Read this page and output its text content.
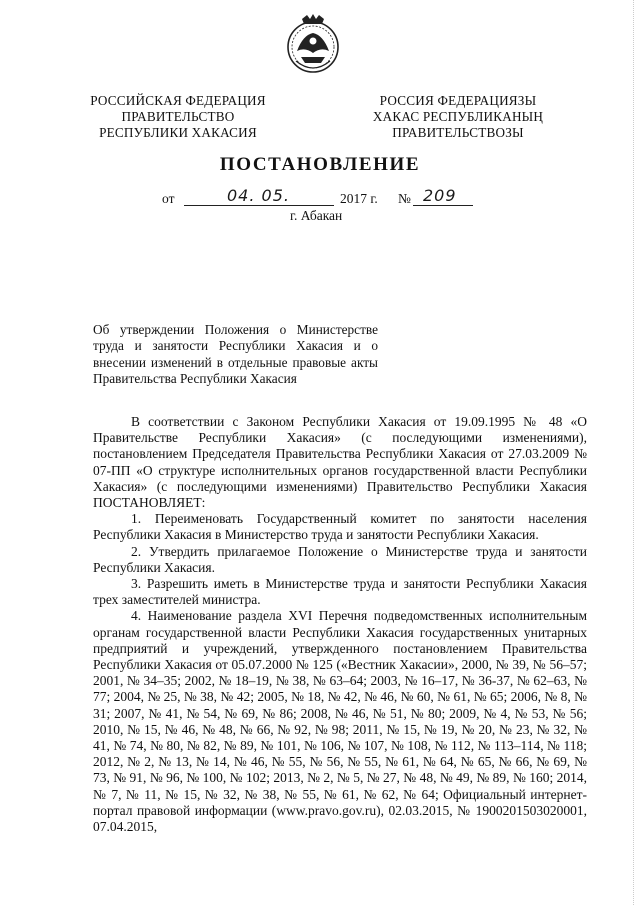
РОССИЙСКАЯ ФЕДЕРАЦИЯ
ПРАВИТЕЛЬСТВО
РЕСПУБЛИКИ ХАКАСИЯ
РОССИЯ ФЕДЕРАЦИЯЗЫ
ХАКАС РЕСПУБЛИКАНЫҢ
ПРАВИТЕЛЬСТВОЗЫ
ПОСТАНОВЛЕНИЕ
от	04. 05.	2017 г. № 209
г. Абакан
Об утверждении Положения о Министерстве труда и занятости Республики Хакасия и о внесении изменений в отдельные правовые акты Правительства Республики Хакасия

В соответствии с Законом Республики Хакасия от 19.09.1995 № 48 «О Правительстве Республики Хакасия» (с последующими изменениями), постановлением Председателя Правительства Республики Хакасия от 27.03.2009 № 07-ПП «О структуре исполнительных органов государственной власти Республики Хакасия» (с последующими изменениями) Правительство Республики Хакасия ПОСТАНОВЛЯЕТ:

1. Переименовать Государственный комитет по занятости населения Республики Хакасия в Министерство труда и занятости Республики Хакасия.

2. Утвердить прилагаемое Положение о Министерстве труда и занятости Республики Хакасия.

3. Разрешить иметь в Министерстве труда и занятости Республики Хакасия трех заместителей министра.

4. Наименование раздела XVI Перечня подведомственных исполнительным органам государственной власти Республики Хакасия государственных унитарных предприятий и учреждений, утвержденного постановлением Правительства Республики Хакасия от 05.07.2000 № 125 («Вестник Хакасии», 2000, № 39, № 56–57; 2001, № 34–35; 2002, № 18–19, № 38, № 63–64; 2003, № 16–17, № 36-37, № 62–63, № 77; 2004, № 25, № 38, № 42; 2005, № 18, № 42, № 46, № 60, № 61, № 65; 2006, № 8, № 31; 2007, № 41, № 54, № 69, № 86; 2008, № 46, № 51, № 80; 2009, № 4, № 53, № 56; 2010, № 15, № 46, № 48, № 66, № 92, № 98; 2011, № 15, № 19, № 20, № 23, № 32, № 41, № 74, № 80, № 82, № 89, № 101, № 106, № 107, № 108, № 112, № 113–114, № 118; 2012, № 2, № 13, № 14, № 46, № 55, № 56, № 55, № 61, № 64, № 65, № 66, № 69, № 73, № 91, № 96, № 100, № 102; 2013, № 2, № 5, № 27, № 48, № 49, № 89, № 160; 2014, № 7, № 11, № 15, № 32, № 38, № 55, № 61, № 62, № 64; Официальный интернет-портал правовой информации (www.pravo.gov.ru), 02.03.2015, № 1900201503020001, 07.04.2015,
